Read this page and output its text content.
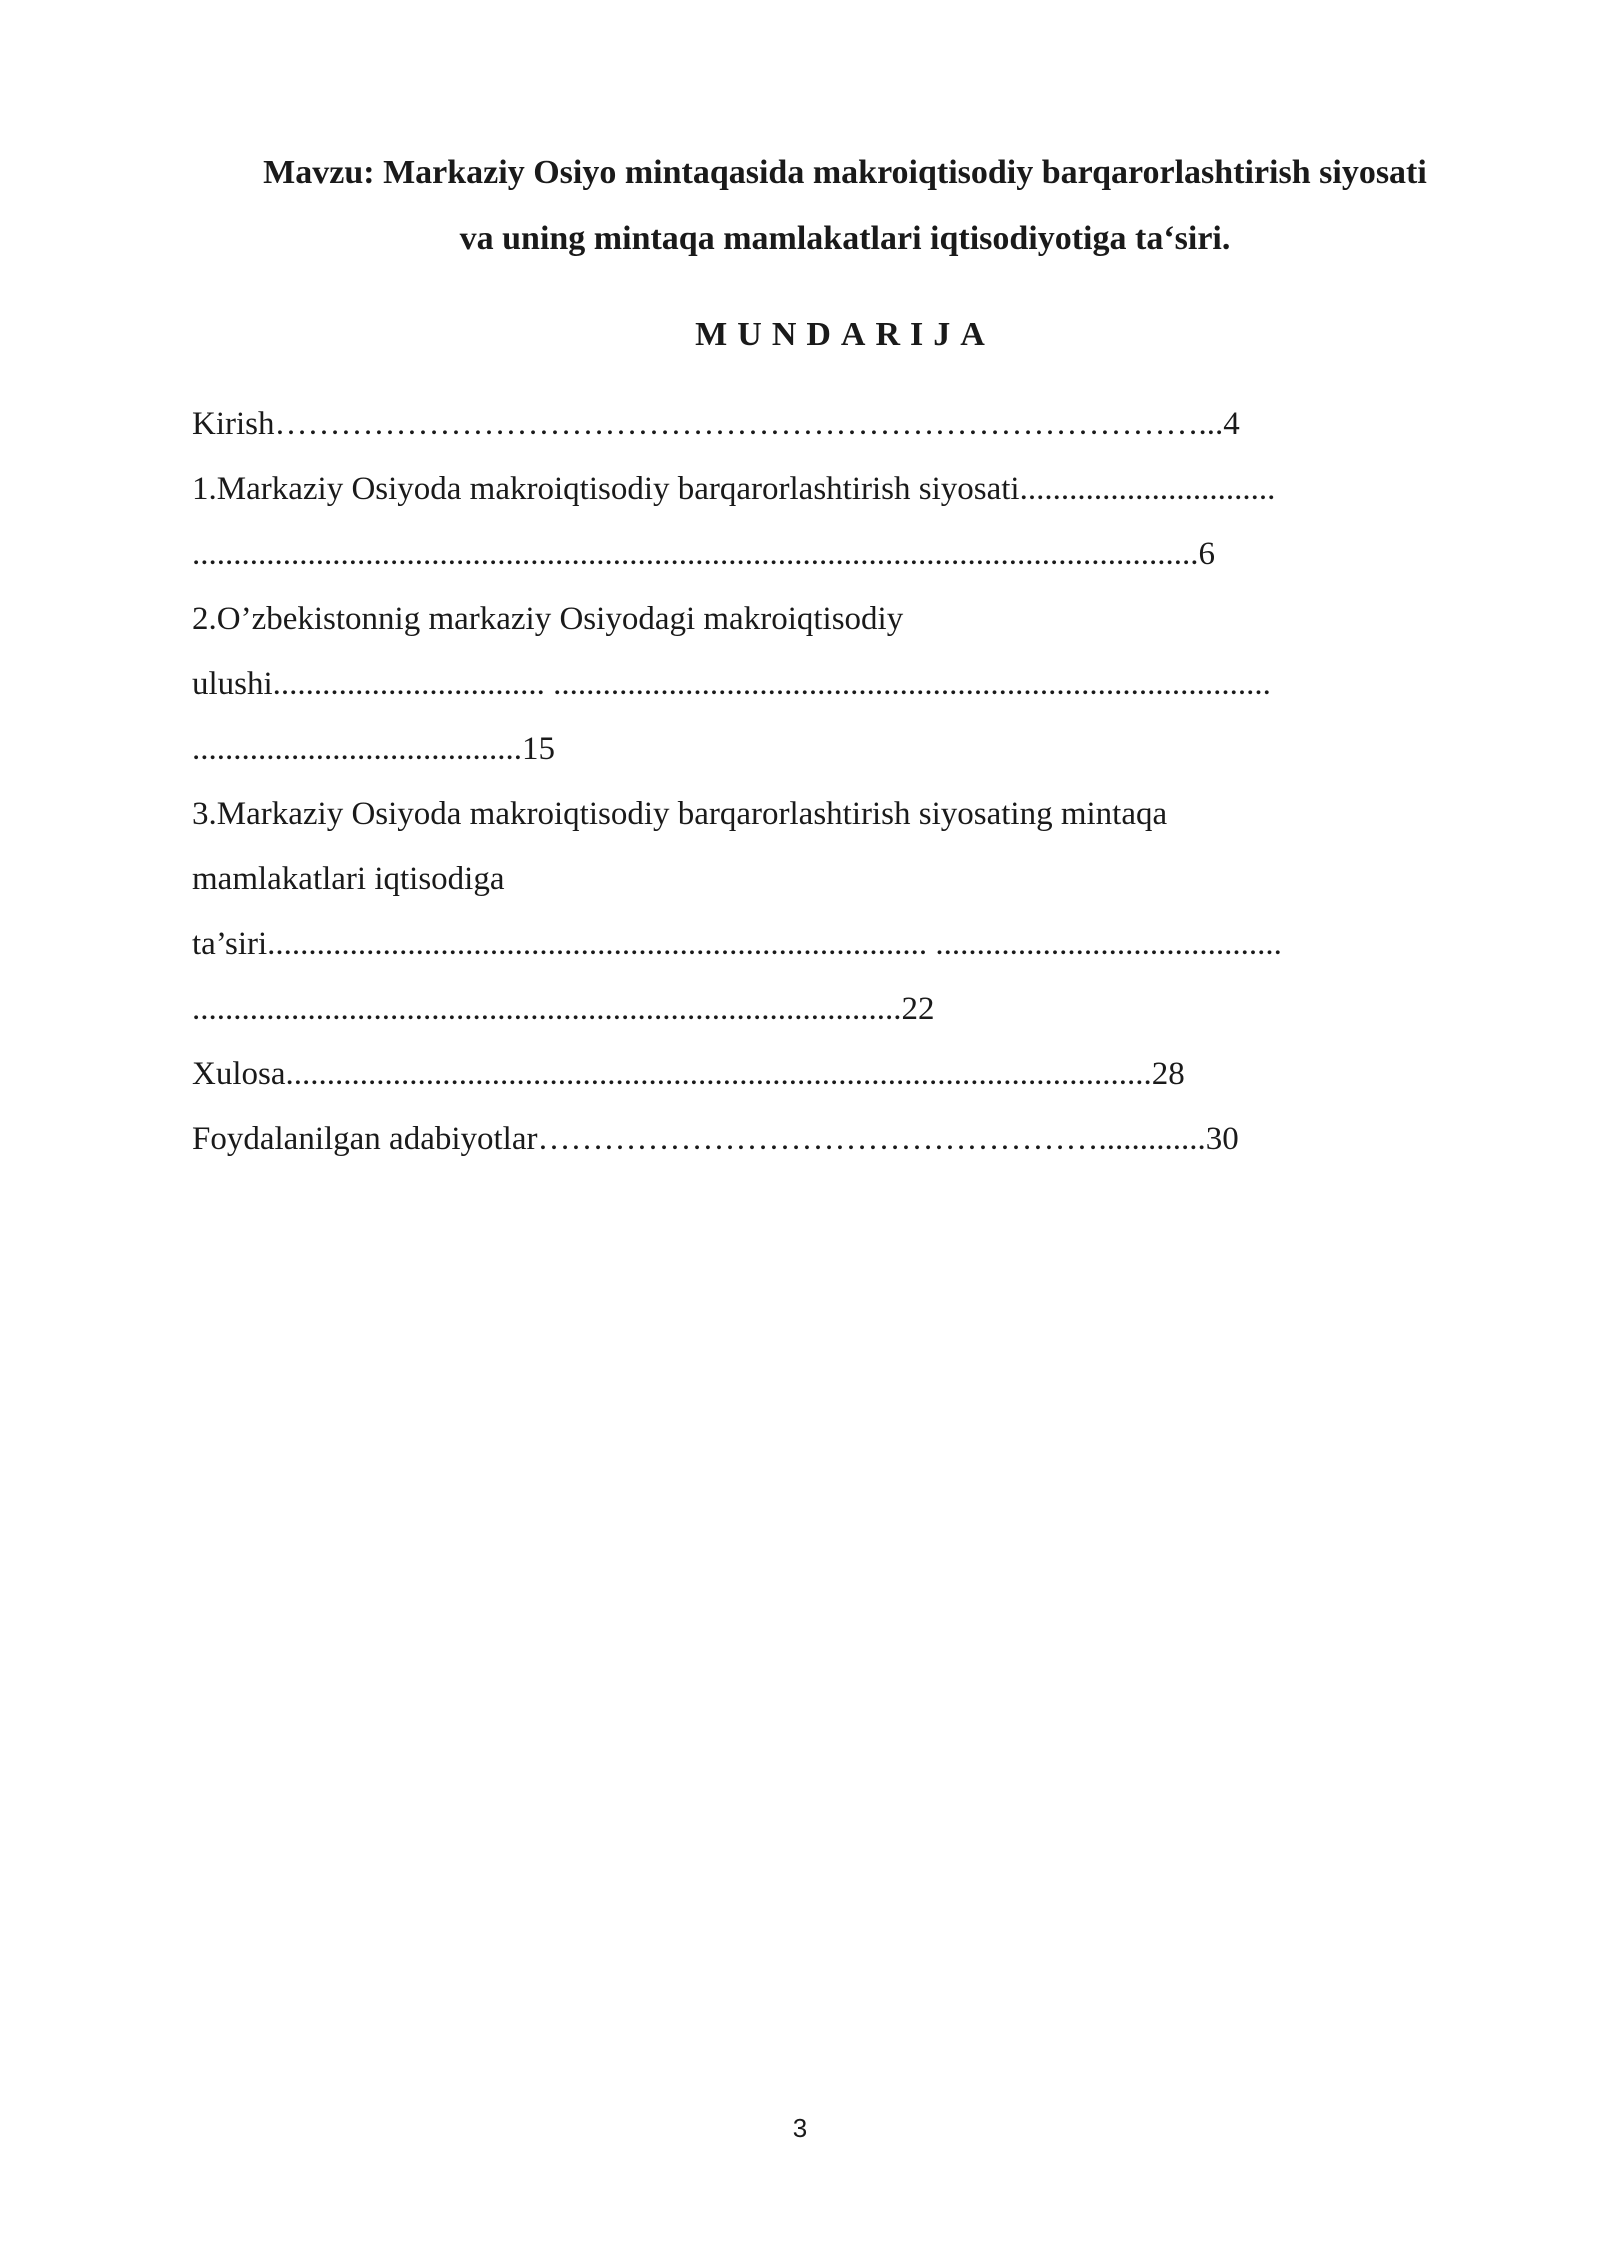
Mavzu: Markaziy Osiyo mintaqasida makroiqtisodiy barqarorlashtirish siyosati
va uning mintaqa mamlakatlari iqtisodiyotiga ta‘siri.
MUNDARIJA
Kirish…………………………………………………………………………...4
1.Markaziy Osiyoda makroiqtisodiy barqarorlashtirish siyosati...............................
..........................................................................................................................6
2.O’zbekistonnig markaziy Osiyodagi makroiqtisodiy
ulushi................................. .......................................................................................
........................................15
3.Markaziy Osiyoda makroiqtisodiy barqarorlashtirish siyosating mintaqa
mamlakatlari iqtisodiga
ta’siri................................................................................ ..........................................
......................................................................................22
Xulosa.........................................................................................................28
Foydalanilgan adabiyotlar…………………………………………….............30
3
